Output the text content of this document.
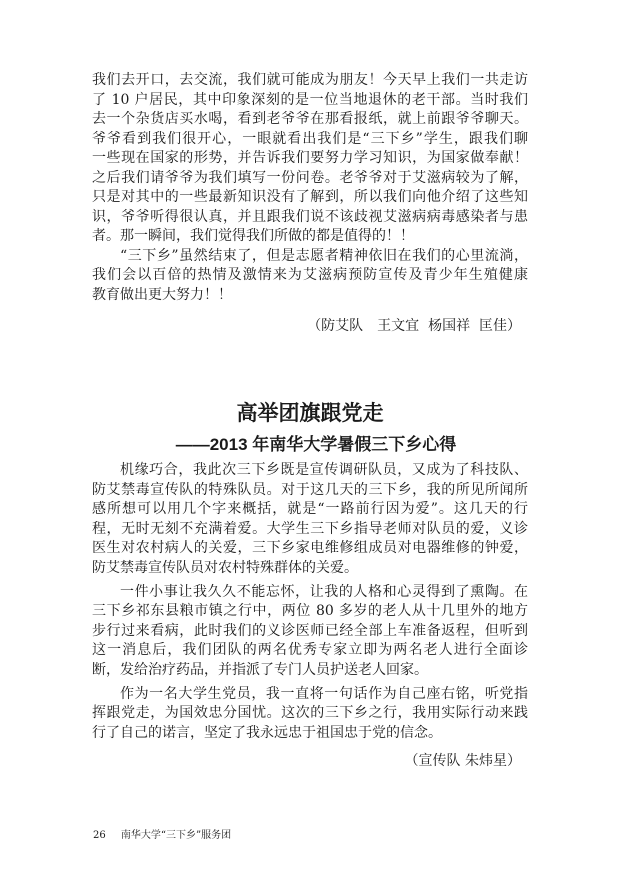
我们去开口，去交流，我们就可能成为朋友！今天早上我们一共走访
了 10 户居民，其中印象深刻的是一位当地退休的老干部。当时我们
去一个杂货店买水喝，看到老爷爷在那看报纸，就上前跟爷爷聊天。
爷爷看到我们很开心，一眼就看出我们是“三下乡”学生，跟我们聊
一些现在国家的形势，并告诉我们要努力学习知识，为国家做奉献！
之后我们请爷爷为我们填写一份问卷。老爷爷对于艾滋病较为了解，
只是对其中的一些最新知识没有了解到，所以我们向他介绍了这些知
识，爷爷听得很认真，并且跟我们说不该歧视艾滋病病毒感染者与患
者。那一瞬间，我们觉得我们所做的都是值得的！！
“三下乡”虽然结束了，但是志愿者精神依旧在我们的心里流淌，
我们会以百倍的热情及激情来为艾滋病预防宣传及青少年生殖健康
教育做出更大努力！！
（防艾队　王文宜  杨国祥  匡佳）
高举团旗跟党走
——2013 年南华大学暑假三下乡心得
机缘巧合，我此次三下乡既是宣传调研队员，又成为了科技队、
防艾禁毒宣传队的特殊队员。对于这几天的三下乡，我的所见所闻所
感所想可以用几个字来概括，就是“一路前行因为爱”。这几天的行
程，无时无刻不充满着爱。大学生三下乡指导老师对队员的爱，义诊
医生对农村病人的关爱，三下乡家电维修组成员对电器维修的钟爱，
防艾禁毒宣传队员对农村特殊群体的关爱。
一件小事让我久久不能忘怀，让我的人格和心灵得到了熏陶。在
三下乡祁东县粮市镇之行中，两位 80 多岁的老人从十几里外的地方
步行过来看病，此时我们的义诊医师已经全部上车准备返程，但听到
这一消息后，我们团队的两名优秀专家立即为两名老人进行全面诊
断，发给治疗药品，并指派了专门人员护送老人回家。
作为一名大学生党员，我一直将一句话作为自己座右铭，听党指
挥跟党走，为国效忠分国忧。这次的三下乡之行，我用实际行动来践
行了自己的诺言，坚定了我永远忠于祖国忠于党的信念。
（宣传队 朱炜星）
26 南华大学“三下乡”服务团
